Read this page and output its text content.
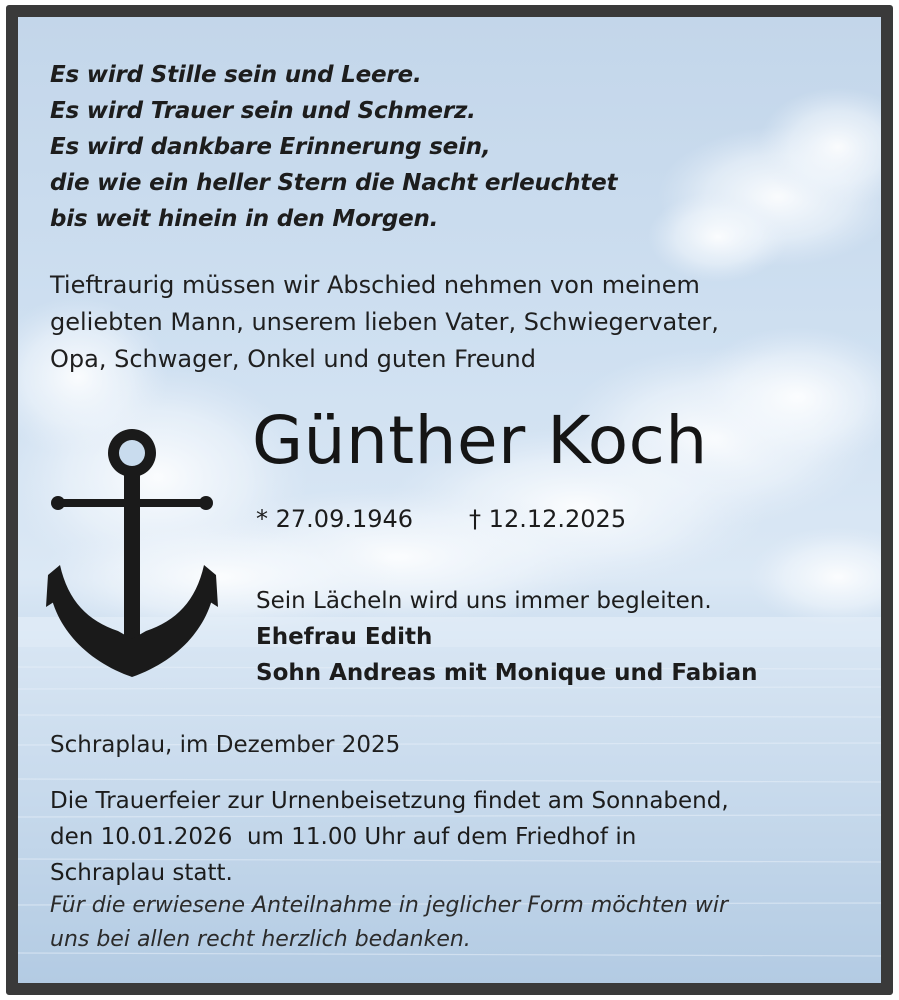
Es wird Stille sein und Leere.
Es wird Trauer sein und Schmerz.
Es wird dankbare Erinnerung sein,
die wie ein heller Stern die Nacht erleuchtet
bis weit hinein in den Morgen.
Tieftraurig müssen wir Abschied nehmen von meinem
geliebten Mann, unserem lieben Vater, Schwiegervater,
Opa, Schwager, Onkel und guten Freund
Günther Koch
* 27.09.1946 † 12.12.2025
Sein Lächeln wird uns immer begleiten.
Ehefrau Edith
Sohn Andreas mit Monique und Fabian
Schraplau, im Dezember 2025
Die Trauerfeier zur Urnenbeisetzung findet am Sonnabend,
den 10.01.2026  um 11.00 Uhr auf dem Friedhof in
Schraplau statt.
Für die erwiesene Anteilnahme in jeglicher Form möchten wir
uns bei allen recht herzlich bedanken.
